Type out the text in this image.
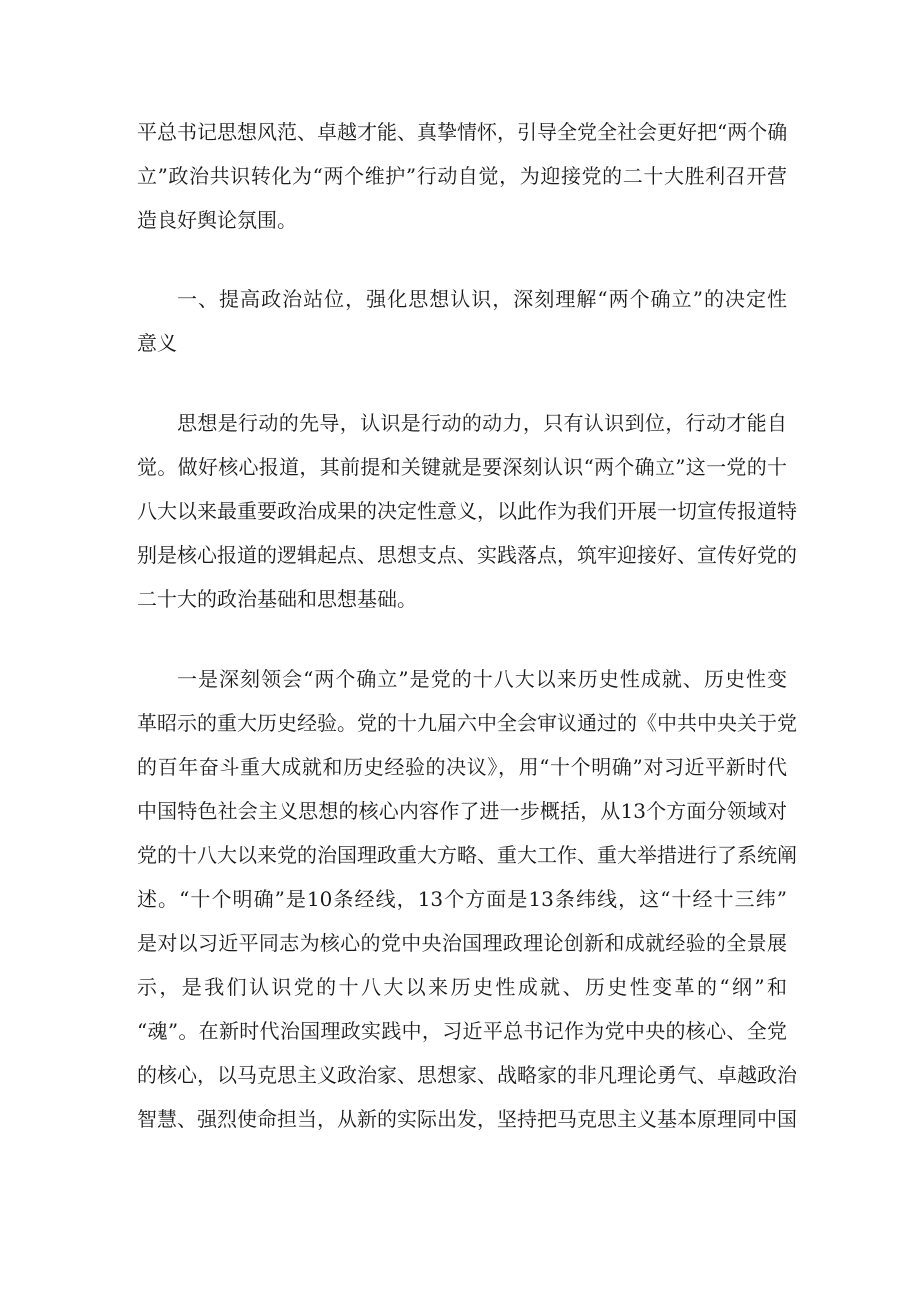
平总书记思想风范、卓越才能、真挚情怀，引导全党全社会更好把“两个确
立”政治共识转化为“两个维护”行动自觉，为迎接党的二十大胜利召开营
造良好舆论氛围。
一、提高政治站位，强化思想认识，深刻理解“两个确立”的决定性
意义
思想是行动的先导，认识是行动的动力，只有认识到位，行动才能自
觉。做好核心报道，其前提和关键就是要深刻认识“两个确立”这一党的十
八大以来最重要政治成果的决定性意义，以此作为我们开展一切宣传报道特
别是核心报道的逻辑起点、思想支点、实践落点，筑牢迎接好、宣传好党的
二十大的政治基础和思想基础。
一是深刻领会“两个确立”是党的十八大以来历史性成就、历史性变
革昭示的重大历史经验。党的十九届六中全会审议通过的《中共中央关于党
的百年奋斗重大成就和历史经验的决议》，用“十个明确”对习近平新时代
中国特色社会主义思想的核心内容作了进一步概括，从13个方面分领域对
党的十八大以来党的治国理政重大方略、重大工作、重大举措进行了系统阐
述。“十个明确”是10条经线，13个方面是13条纬线，这“十经十三纬”
是对以习近平同志为核心的党中央治国理政理论创新和成就经验的全景展
示，是我们认识党的十八大以来历史性成就、历史性变革的“纲”和
“魂”。在新时代治国理政实践中，习近平总书记作为党中央的核心、全党
的核心，以马克思主义政治家、思想家、战略家的非凡理论勇气、卓越政治
智慧、强烈使命担当，从新的实际出发，坚持把马克思主义基本原理同中国
